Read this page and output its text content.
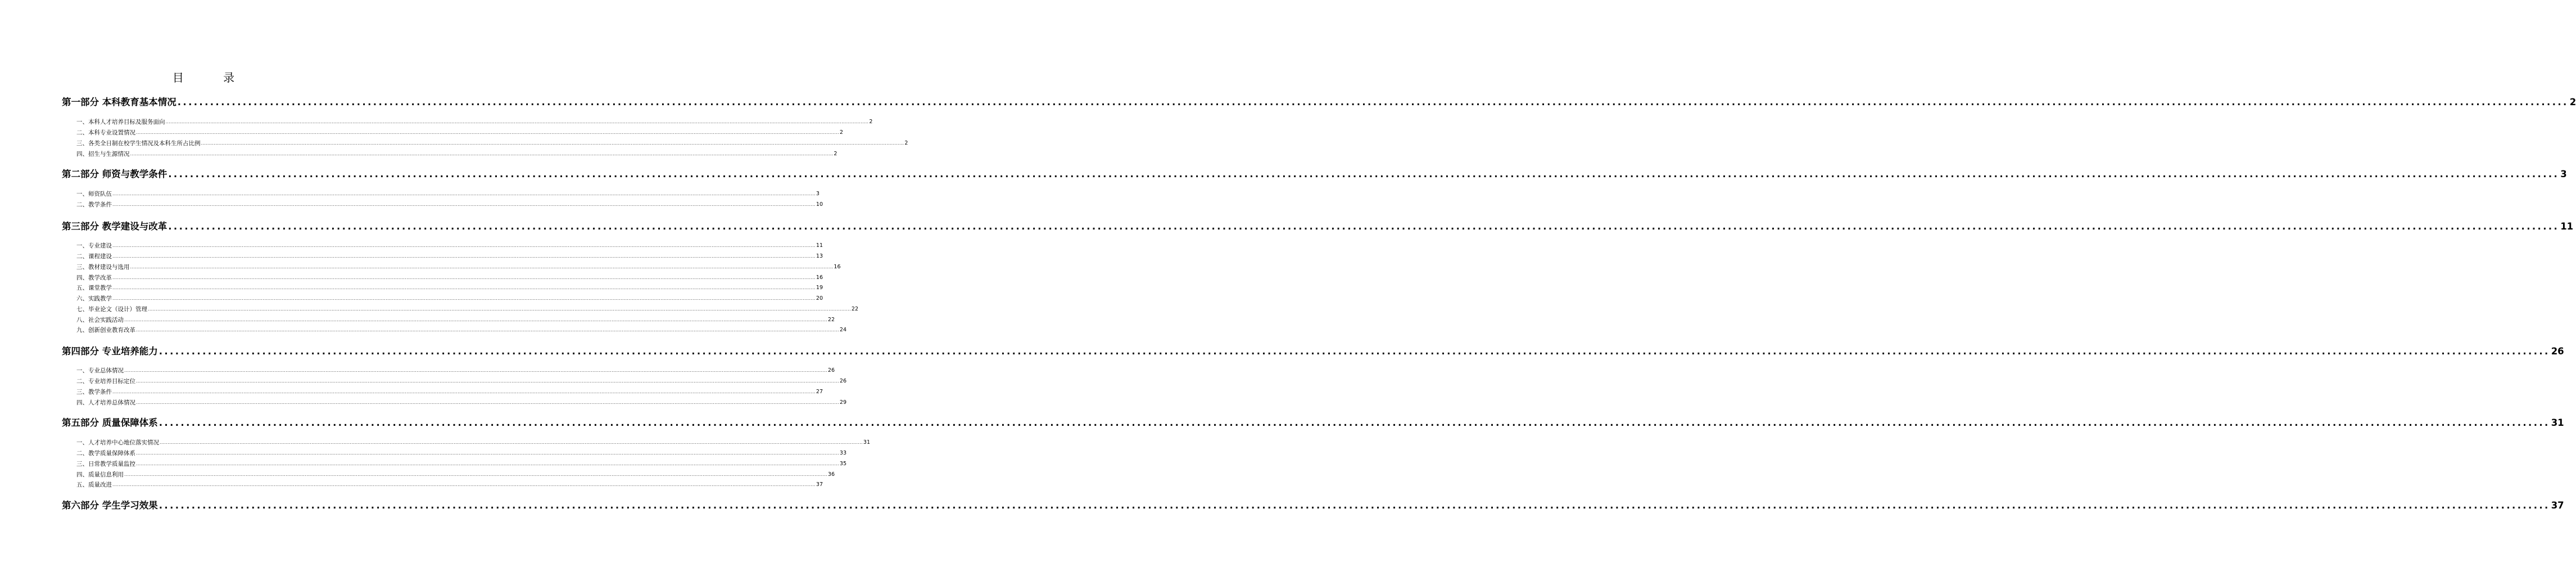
目 录
第一部分 本科教育基本情况 ........................................................................................................................................................................................................................................................................................................................................................................................................................................................ 2
一、本科人才培养目标及服务面向 ........................................................................................................................................................................................................................................................................................................................................................................................................................................................ 2
二、本科专业设置情况 ........................................................................................................................................................................................................................................................................................................................................................................................................................................................ 2
三、各类全日制在校学生情况及本科生所占比例 ........................................................................................................................................................................................................................................................................................................................................................................................................................................................ 2
四、招生与生源情况 ........................................................................................................................................................................................................................................................................................................................................................................................................................................................ 2
第二部分 师资与教学条件 ........................................................................................................................................................................................................................................................................................................................................................................................................................................................ 3
一、师资队伍 ........................................................................................................................................................................................................................................................................................................................................................................................................................................................ 3
二、教学条件 ........................................................................................................................................................................................................................................................................................................................................................................................................................................................ 10
第三部分 教学建设与改革 ........................................................................................................................................................................................................................................................................................................................................................................................................................................................ 11
一、专业建设 ........................................................................................................................................................................................................................................................................................................................................................................................................................................................ 11
二、课程建设 ........................................................................................................................................................................................................................................................................................................................................................................................................................................................ 13
三、教材建设与选用 ........................................................................................................................................................................................................................................................................................................................................................................................................................................................ 16
四、教学改革 ........................................................................................................................................................................................................................................................................................................................................................................................................................................................ 16
五、课堂教学 ........................................................................................................................................................................................................................................................................................................................................................................................................................................................ 19
六、实践教学 ........................................................................................................................................................................................................................................................................................................................................................................................................................................................ 20
七、毕业论文（设计）管理 ........................................................................................................................................................................................................................................................................................................................................................................................................................................................ 22
八、社会实践活动 ........................................................................................................................................................................................................................................................................................................................................................................................................................................................ 22
九、创新创业教育改革 ........................................................................................................................................................................................................................................................................................................................................................................................................................................................ 24
第四部分 专业培养能力 ........................................................................................................................................................................................................................................................................................................................................................................................................................................................ 26
一、专业总体情况 ........................................................................................................................................................................................................................................................................................................................................................................................................................................................ 26
二、专业培养目标定位 ........................................................................................................................................................................................................................................................................................................................................................................................................................................................ 26
三、教学条件 ........................................................................................................................................................................................................................................................................................................................................................................................................................................................ 27
四、人才培养总体情况 ........................................................................................................................................................................................................................................................................................................................................................................................................................................................ 29
第五部分 质量保障体系 ........................................................................................................................................................................................................................................................................................................................................................................................................................................................ 31
一、人才培养中心地位落实情况 ........................................................................................................................................................................................................................................................................................................................................................................................................................................................ 31
二、教学质量保障体系 ........................................................................................................................................................................................................................................................................................................................................................................................................................................................ 33
三、日常教学质量监控 ........................................................................................................................................................................................................................................................................................................................................................................................................................................................ 35
四、质量信息利用 ........................................................................................................................................................................................................................................................................................................................................................................................................................................................ 36
五、质量改进 ........................................................................................................................................................................................................................................................................................................................................................................................................................................................ 37
第六部分 学生学习效果 ........................................................................................................................................................................................................................................................................................................................................................................................................................................................ 37
